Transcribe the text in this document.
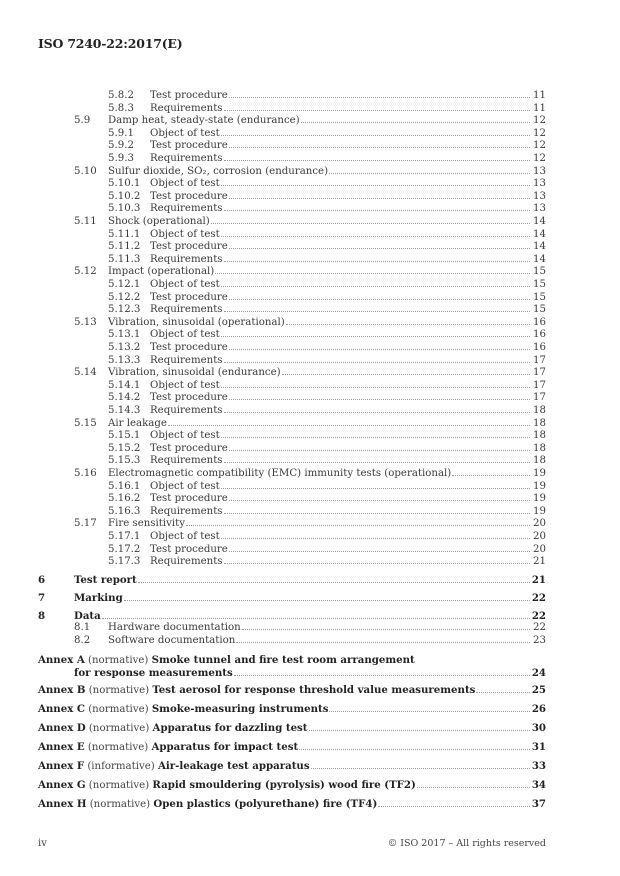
ISO 7240-22:2017(E)
5.8.2 Test procedure	11
5.8.3 Requirements	11
5.9 Damp heat, steady-state (endurance)	12
5.9.1 Object of test	12
5.9.2 Test procedure	12
5.9.3 Requirements	12
5.10 Sulfur dioxide, SO₂, corrosion (endurance)	13
5.10.1 Object of test	13
5.10.2 Test procedure	13
5.10.3 Requirements	13
5.11 Shock (operational)	14
5.11.1 Object of test	14
5.11.2 Test procedure	14
5.11.3 Requirements	14
5.12 Impact (operational)	15
5.12.1 Object of test	15
5.12.2 Test procedure	15
5.12.3 Requirements	15
5.13 Vibration, sinusoidal (operational)	16
5.13.1 Object of test	16
5.13.2 Test procedure	16
5.13.3 Requirements	17
5.14 Vibration, sinusoidal (endurance)	17
5.14.1 Object of test	17
5.14.2 Test procedure	17
5.14.3 Requirements	18
5.15 Air leakage	18
5.15.1 Object of test	18
5.15.2 Test procedure	18
5.15.3 Requirements	18
5.16 Electromagnetic compatibility (EMC) immunity tests (operational)	19
5.16.1 Object of test	19
5.16.2 Test procedure	19
5.16.3 Requirements	19
5.17 Fire sensitivity	20
5.17.1 Object of test	20
5.17.2 Test procedure	20
5.17.3 Requirements	21
6	Test report	21
7	Marking	22
8	Data	22
8.1 Hardware documentation	22
8.2 Software documentation	23
Annex A (normative) Smoke tunnel and fire test room arrangement
for response measurements	24
Annex B (normative) Test aerosol for response threshold value measurements	25
Annex C (normative) Smoke-measuring instruments	26
Annex D (normative) Apparatus for dazzling test	30
Annex E (normative) Apparatus for impact test	31
Annex F (informative) Air-leakage test apparatus	33
Annex G (normative) Rapid smouldering (pyrolysis) wood fire (TF2)	34
Annex H (normative) Open plastics (polyurethane) fire (TF4)	37
iv	© ISO 2017 – All rights reserved
